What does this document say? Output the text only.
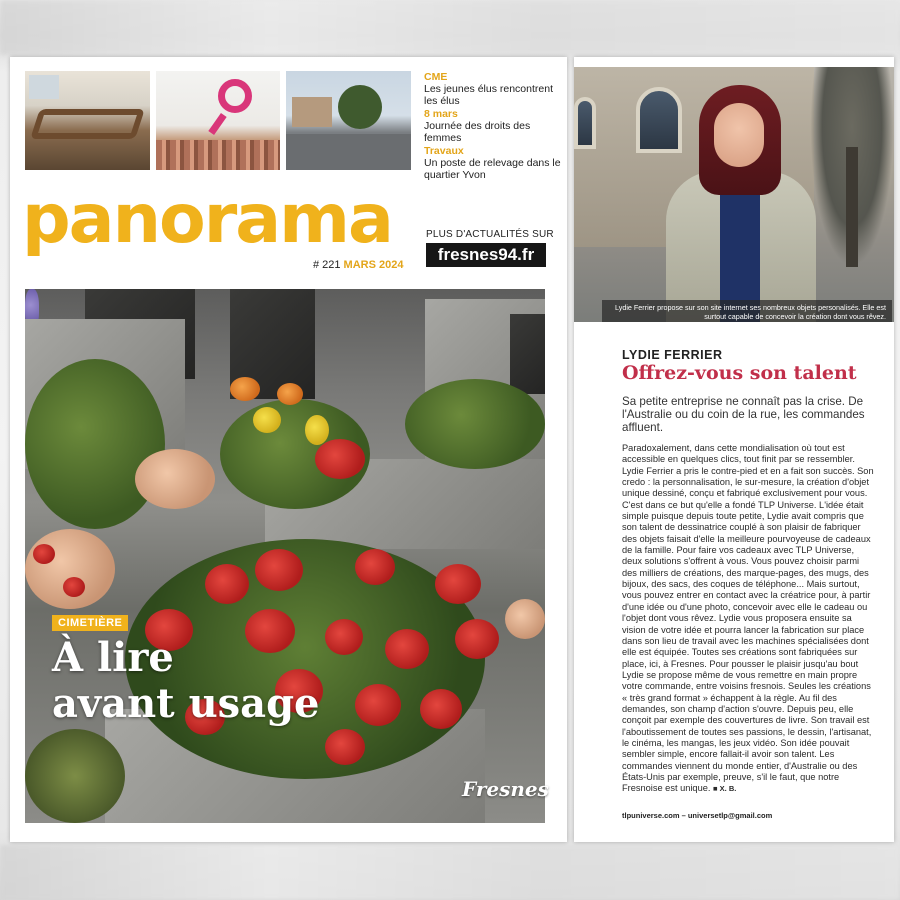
CME
Les jeunes élus rencontrent les élus
8 mars
Journée des droits des femmes
Travaux
Un poste de relevage dans le quartier Yvon
panorama	PLUS D'ACTUALITÉS SUR
fresnes94.fr
# 221 MARS 2024
CIMETIÈRE
À lire
avant usage
Fresnes
Lydie Ferrier propose sur son site internet ses nombreux objets personalisés. Elle est surtout capable de concevoir la création dont vous rêvez.
LYDIE FERRIER
Offrez-vous son talent
Sa petite entreprise ne connaît pas la crise. De l'Australie ou du coin de la rue, les commandes affluent.
Paradoxalement, dans cette mondialisation où tout est accessible en quelques clics, tout finit par se ressembler. Lydie Ferrier a pris le contre-pied et en a fait son succès. Son credo : la personnalisation, le sur-mesure, la création d'objet unique dessiné, conçu et fabriqué exclusivement pour vous. C'est dans ce but qu'elle a fondé TLP Universe. L'idée était simple puisque depuis toute petite, Lydie avait compris que son talent de dessinatrice couplé à son plaisir de fabriquer des objets faisait d'elle la meilleure pourvoyeuse de cadeaux de la famille. Pour faire vos cadeaux avec TLP Universe, deux solutions s'offrent à vous. Vous pouvez choisir parmi des milliers de créations, des marque-pages, des mugs, des bijoux, des sacs, des coques de téléphone... Mais surtout, vous pouvez entrer en contact avec la créatrice pour, à partir d'une idée ou d'une photo, concevoir avec elle le cadeau ou l'objet dont vous rêvez. Lydie vous proposera ensuite sa vision de votre idée et pourra lancer la fabrication sur place dans son lieu de travail avec les machines spécialisées dont elle est équipée. Toutes ses créations sont fabriquées sur place, ici, à Fresnes. Pour pousser le plaisir jusqu'au bout Lydie se propose même de vous remettre en main propre votre commande, entre voisins fresnois. Seules les créations « très grand format » échappent à la règle. Au fil des demandes, son champ d'action s'ouvre. Depuis peu, elle conçoit par exemple des couvertures de livre. Son travail est l'aboutissement de toutes ses passions, le dessin, l'artisanat, le cinéma, les mangas, les jeux vidéo. Son idée pouvait sembler simple, encore fallait-il avoir son talent. Les commandes viennent du monde entier, d'Australie ou des États-Unis par exemple, preuve, s'il le faut, que notre Fresnoise est unique. ■ X. B.
tlpuniverse.com – universetlp@gmail.com
